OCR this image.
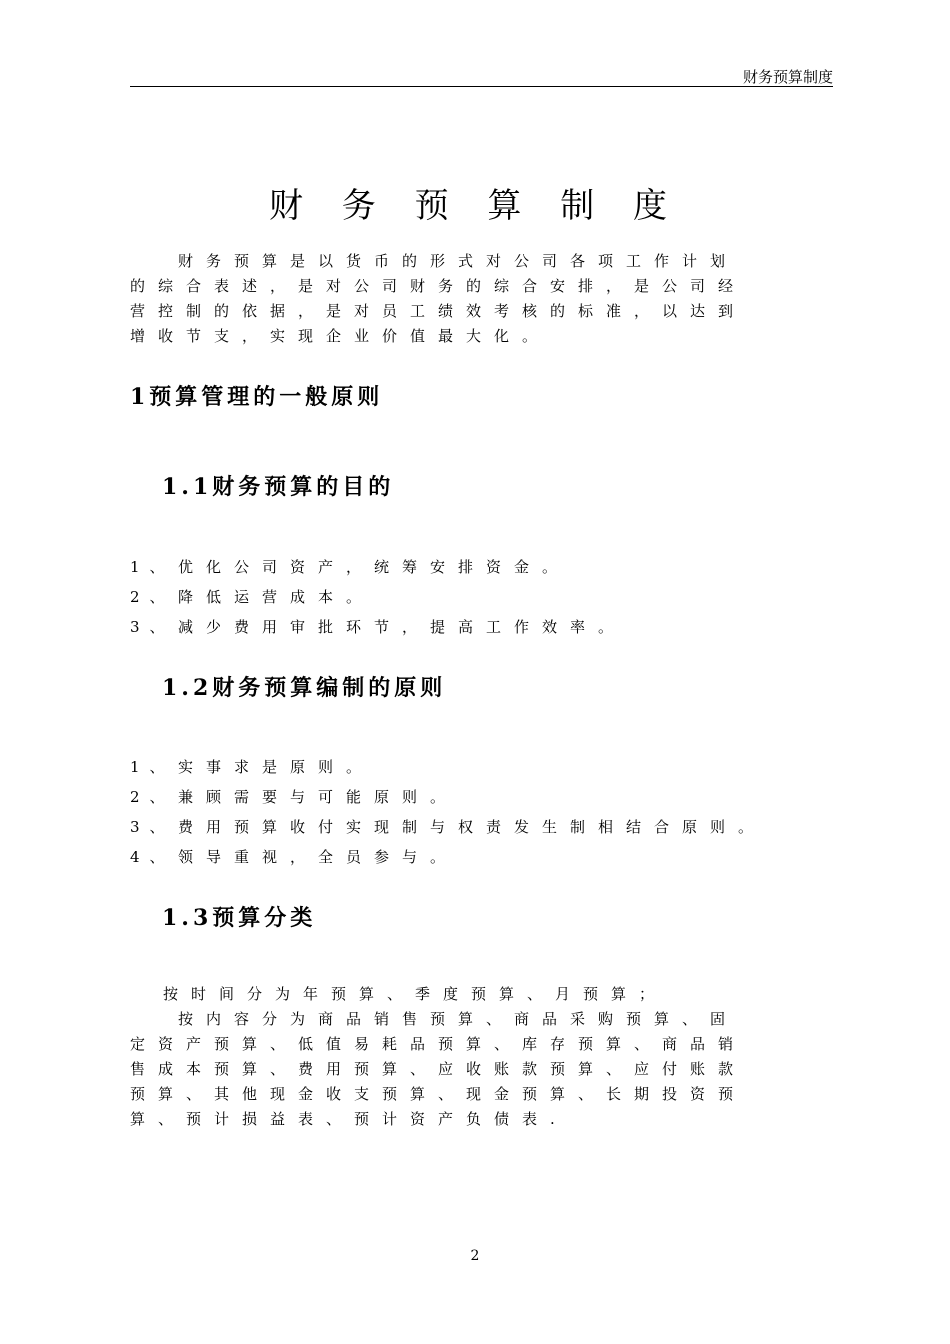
财务预算制度
财 务 预 算 制 度
财务预算是以货币的形式对公司各项工作计划
的综合表述，是对公司财务的综合安排，是公司经
营控制的依据，是对员工绩效考核的标准，以达到
增收节支，实现企业价值最大化。
1预算管理的一般原则
1.1财务预算的目的
1、 优化公司资产，统筹安排资金。
2、 降低运营成本。
3、 减少费用审批环节，提高工作效率。
1.2财务预算编制的原则
1、 实事求是原则。
2、 兼顾需要与可能原则。
3、 费用预算收付实现制与权责发生制相结合原则。
4、 领导重视，全员参与。
1.3预算分类
按时间分为年预算、季度预算、月预算；
按内容分为商品销售预算、商品采购预算、固
定资产预算、低值易耗品预算、库存预算、商品销
售成本预算、费用预算、应收账款预算、应付账款
预算、其他现金收支预算、现金预算、长期投资预
算、预计损益表、预计资产负债表.
2
